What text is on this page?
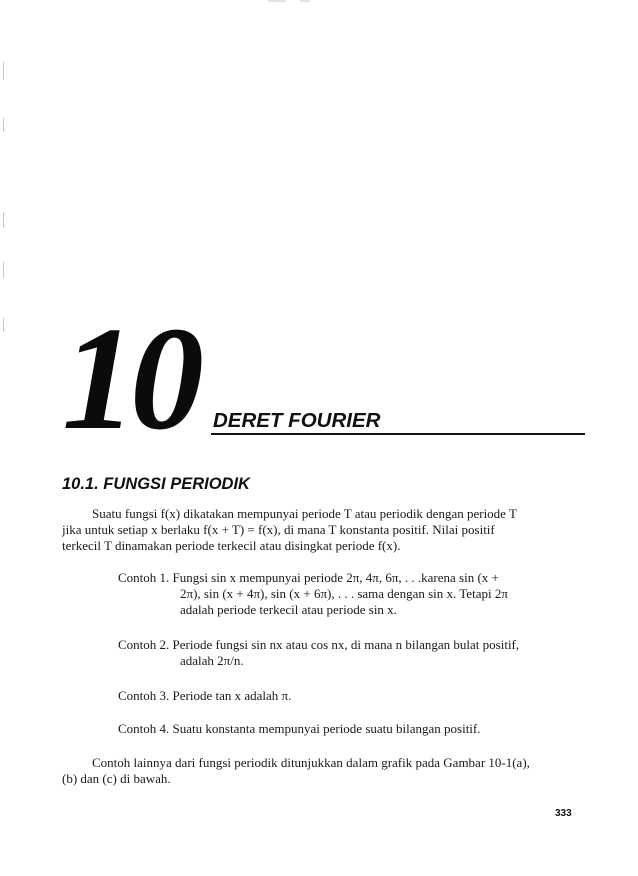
10 DERET FOURIER
10.1. FUNGSI PERIODIK
Suatu fungsi f(x) dikatakan mempunyai periode T atau periodik dengan periode T
jika untuk setiap x berlaku f(x + T) = f(x), di mana T konstanta positif. Nilai positif
terkecil T dinamakan periode terkecil atau disingkat periode f(x).
Contoh 1. Fungsi sin x mempunyai periode 2π, 4π, 6π, . . .karena sin (x +
2π), sin (x + 4π), sin (x + 6π), . . . sama dengan sin x. Tetapi 2π
adalah periode terkecil atau periode sin x.
Contoh 2. Periode fungsi sin nx atau cos nx, di mana n bilangan bulat positif,
adalah 2π/n.
Contoh 3. Periode tan x adalah π.
Contoh 4. Suatu konstanta mempunyai periode suatu bilangan positif.
Contoh lainnya dari fungsi periodik ditunjukkan dalam grafik pada Gambar 10-1(a),
(b) dan (c) di bawah.
333
